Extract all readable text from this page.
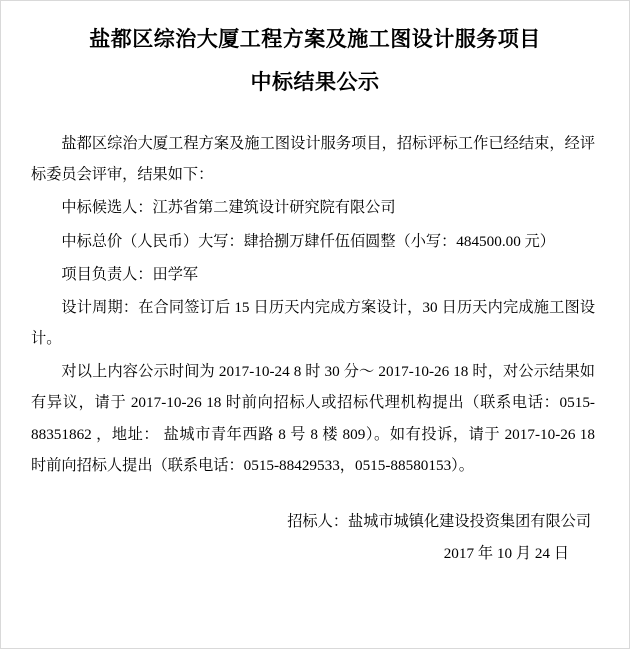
盐都区综治大厦工程方案及施工图设计服务项目
中标结果公示

盐都区综治大厦工程方案及施工图设计服务项目，招标评标工作已经结束，经评标委员会评审，结果如下：

中标候选人：江苏省第二建筑设计研究院有限公司

中标总价（人民币）大写：肆拾捌万肆仟伍佰圆整（小写：484500.00 元）

项目负责人：田学军

设计周期：在合同签订后 15 日历天内完成方案设计，30 日历天内完成施工图设计。

对以上内容公示时间为 2017-10-24 8 时 30 分～ 2017-10-26 18 时，对公示结果如有异议，请于 2017-10-26 18 时前向招标人或招标代理机构提出（联系电话：0515-88351862 ，地址： 盐城市青年西路 8 号 8 楼 809）。如有投诉，请于 2017-10-26 18 时前向招标人提出（联系电话：0515-88429533，0515-88580153）。

招标人：盐城市城镇化建设投资集团有限公司
2017 年 10 月 24 日
